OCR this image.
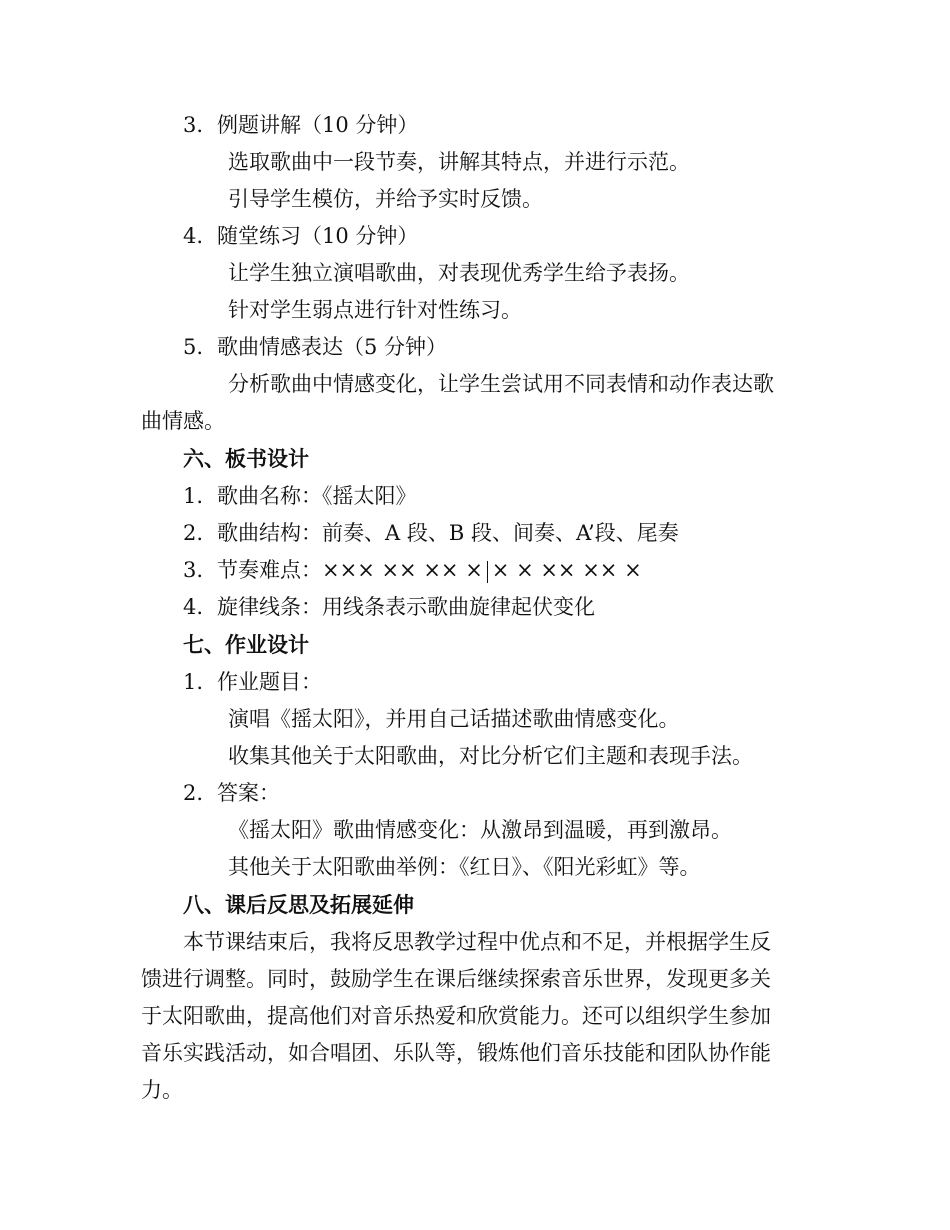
3. 例题讲解（10 分钟）
选取歌曲中一段节奏，讲解其特点，并进行示范。
引导学生模仿，并给予实时反馈。
4. 随堂练习（10 分钟）
让学生独立演唱歌曲，对表现优秀学生给予表扬。
针对学生弱点进行针对性练习。
5. 歌曲情感表达（5 分钟）
分析歌曲中情感变化，让学生尝试用不同表情和动作表达歌
曲情感。
六、板书设计
1. 歌曲名称：《摇太阳》
2. 歌曲结构：前奏、A 段、B 段、间奏、A’段、尾奏
3. 节奏难点：××× ×× ×× × × × ×× ×× ×
4. 旋律线条：用线条表示歌曲旋律起伏变化
七、作业设计
1. 作业题目：
演唱《摇太阳》，并用自己话描述歌曲情感变化。
收集其他关于太阳歌曲，对比分析它们主题和表现手法。
2. 答案：
《摇太阳》歌曲情感变化：从激昂到温暖，再到激昂。
其他关于太阳歌曲举例：《红日》、《阳光彩虹》等。
八、课后反思及拓展延伸
本节课结束后，我将反思教学过程中优点和不足，并根据学生反
馈进行调整。同时，鼓励学生在课后继续探索音乐世界，发现更多关
于太阳歌曲，提高他们对音乐热爱和欣赏能力。还可以组织学生参加
音乐实践活动，如合唱团、乐队等，锻炼他们音乐技能和团队协作能
力。
